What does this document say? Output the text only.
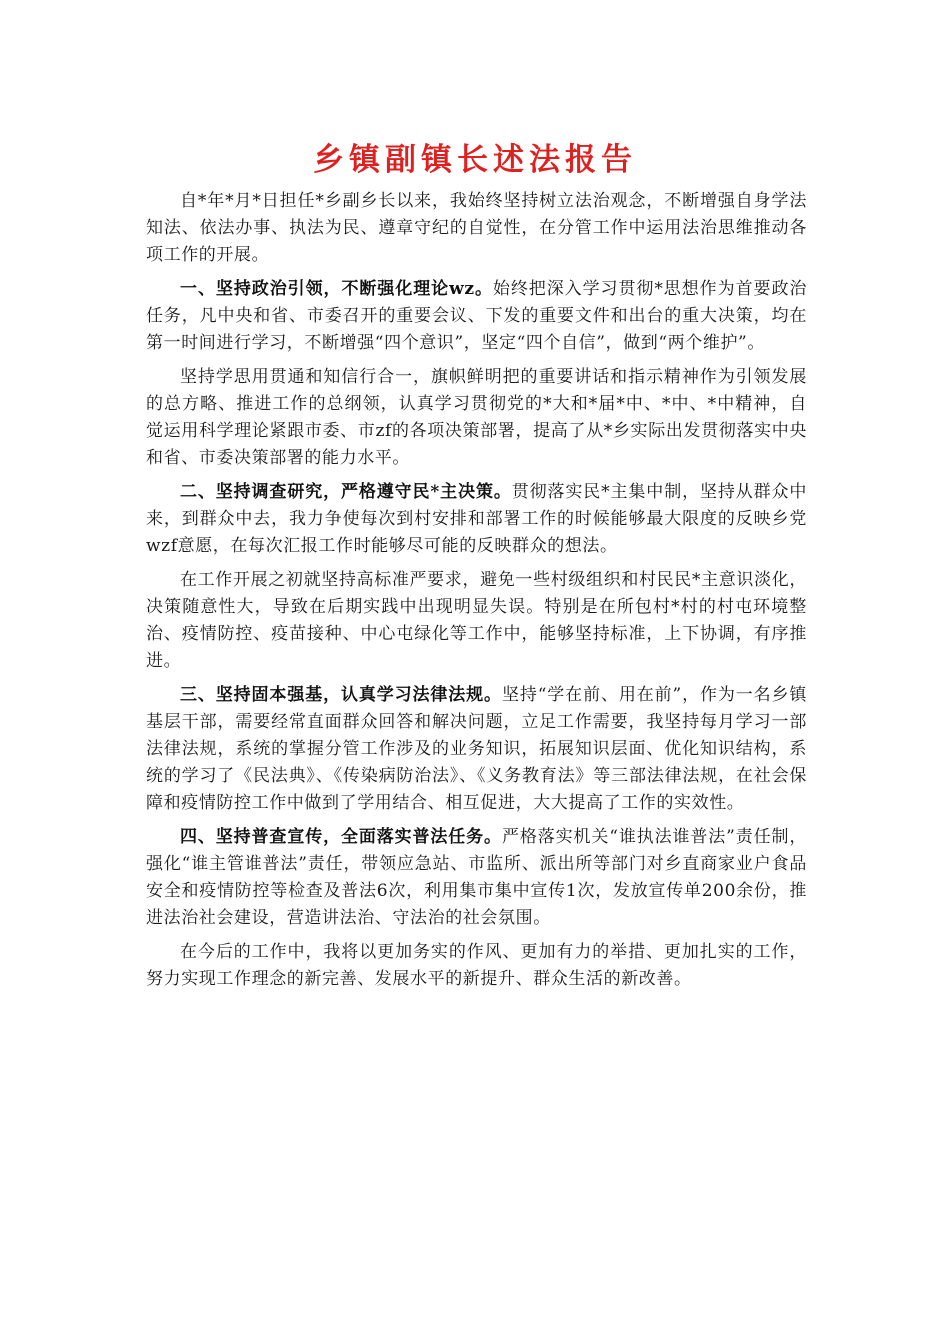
乡镇副镇长述法报告

自*年*月*日担任*乡副乡长以来，我始终坚持树立法治观念，不断增强自身学法知法、依法办事、执法为民、遵章守纪的自觉性，在分管工作中运用法治思维推动各项工作的开展。

一、坚持政治引领，不断强化理论wz。始终把深入学习贯彻*思想作为首要政治任务，凡中央和省、市委召开的重要会议、下发的重要文件和出台的重大决策，均在第一时间进行学习，不断增强“四个意识”，坚定“四个自信”，做到“两个维护”。

坚持学思用贯通和知信行合一，旗帜鲜明把的重要讲话和指示精神作为引领发展的总方略、推进工作的总纲领，认真学习贯彻党的*大和*届*中、*中、*中精神，自觉运用科学理论紧跟市委、市zf的各项决策部署，提高了从*乡实际出发贯彻落实中央和省、市委决策部署的能力水平。

二、坚持调查研究，严格遵守民*主决策。贯彻落实民*主集中制，坚持从群众中来，到群众中去，我力争使每次到村安排和部署工作的时候能够最大限度的反映乡党wzf意愿，在每次汇报工作时能够尽可能的反映群众的想法。

在工作开展之初就坚持高标准严要求，避免一些村级组织和村民民*主意识淡化，决策随意性大，导致在后期实践中出现明显失误。特别是在所包村*村的村屯环境整治、疫情防控、疫苗接种、中心屯绿化等工作中，能够坚持标准，上下协调，有序推进。

三、坚持固本强基，认真学习法律法规。坚持“学在前、用在前”，作为一名乡镇基层干部，需要经常直面群众回答和解决问题，立足工作需要，我坚持每月学习一部法律法规，系统的掌握分管工作涉及的业务知识，拓展知识层面、优化知识结构，系统的学习了《民法典》、《传染病防治法》、《义务教育法》等三部法律法规，在社会保障和疫情防控工作中做到了学用结合、相互促进，大大提高了工作的实效性。

四、坚持普查宣传，全面落实普法任务。严格落实机关“谁执法谁普法”责任制，强化“谁主管谁普法”责任，带领应急站、市监所、派出所等部门对乡直商家业户食品安全和疫情防控等检查及普法6次，利用集市集中宣传1次，发放宣传单200余份，推进法治社会建设，营造讲法治、守法治的社会氛围。

在今后的工作中，我将以更加务实的作风、更加有力的举措、更加扎实的工作，努力实现工作理念的新完善、发展水平的新提升、群众生活的新改善。
